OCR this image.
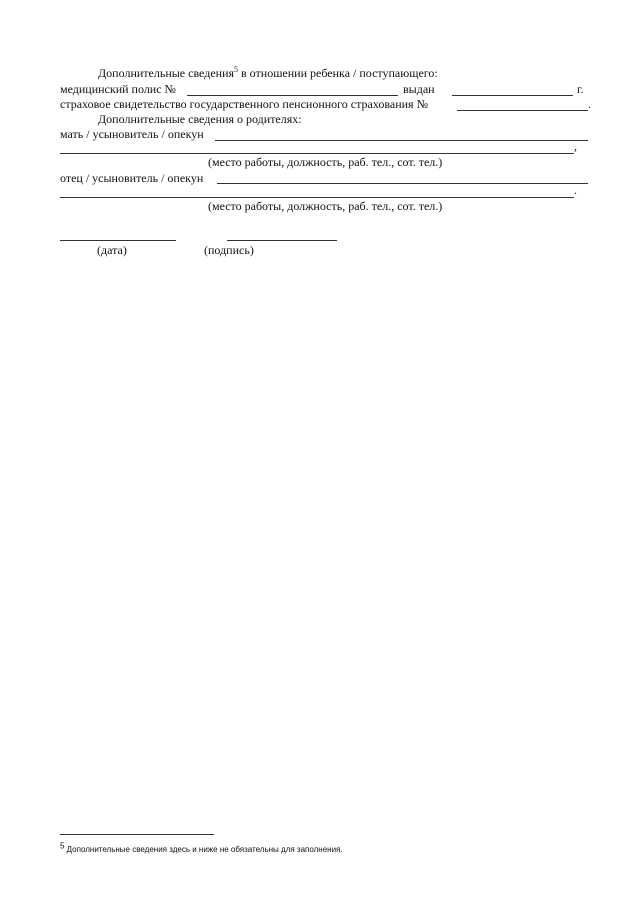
Дополнительные сведения$^5$ в отношении ребенка / поступающего:
медицинский полис №	выдан	г.
страховое свидетельство государственного пенсионного страхования №	.
Дополнительные сведения о родителях:
мать / усыновитель / опекун
,
(место работы, должность, раб. тел., сот. тел.)
отец / усыновитель / опекун
.
(место работы, должность, раб. тел., сот. тел.)
(дата)	(подпись)
$^5$ Дополнительные сведения здесь и ниже не обязательны для заполнения.
